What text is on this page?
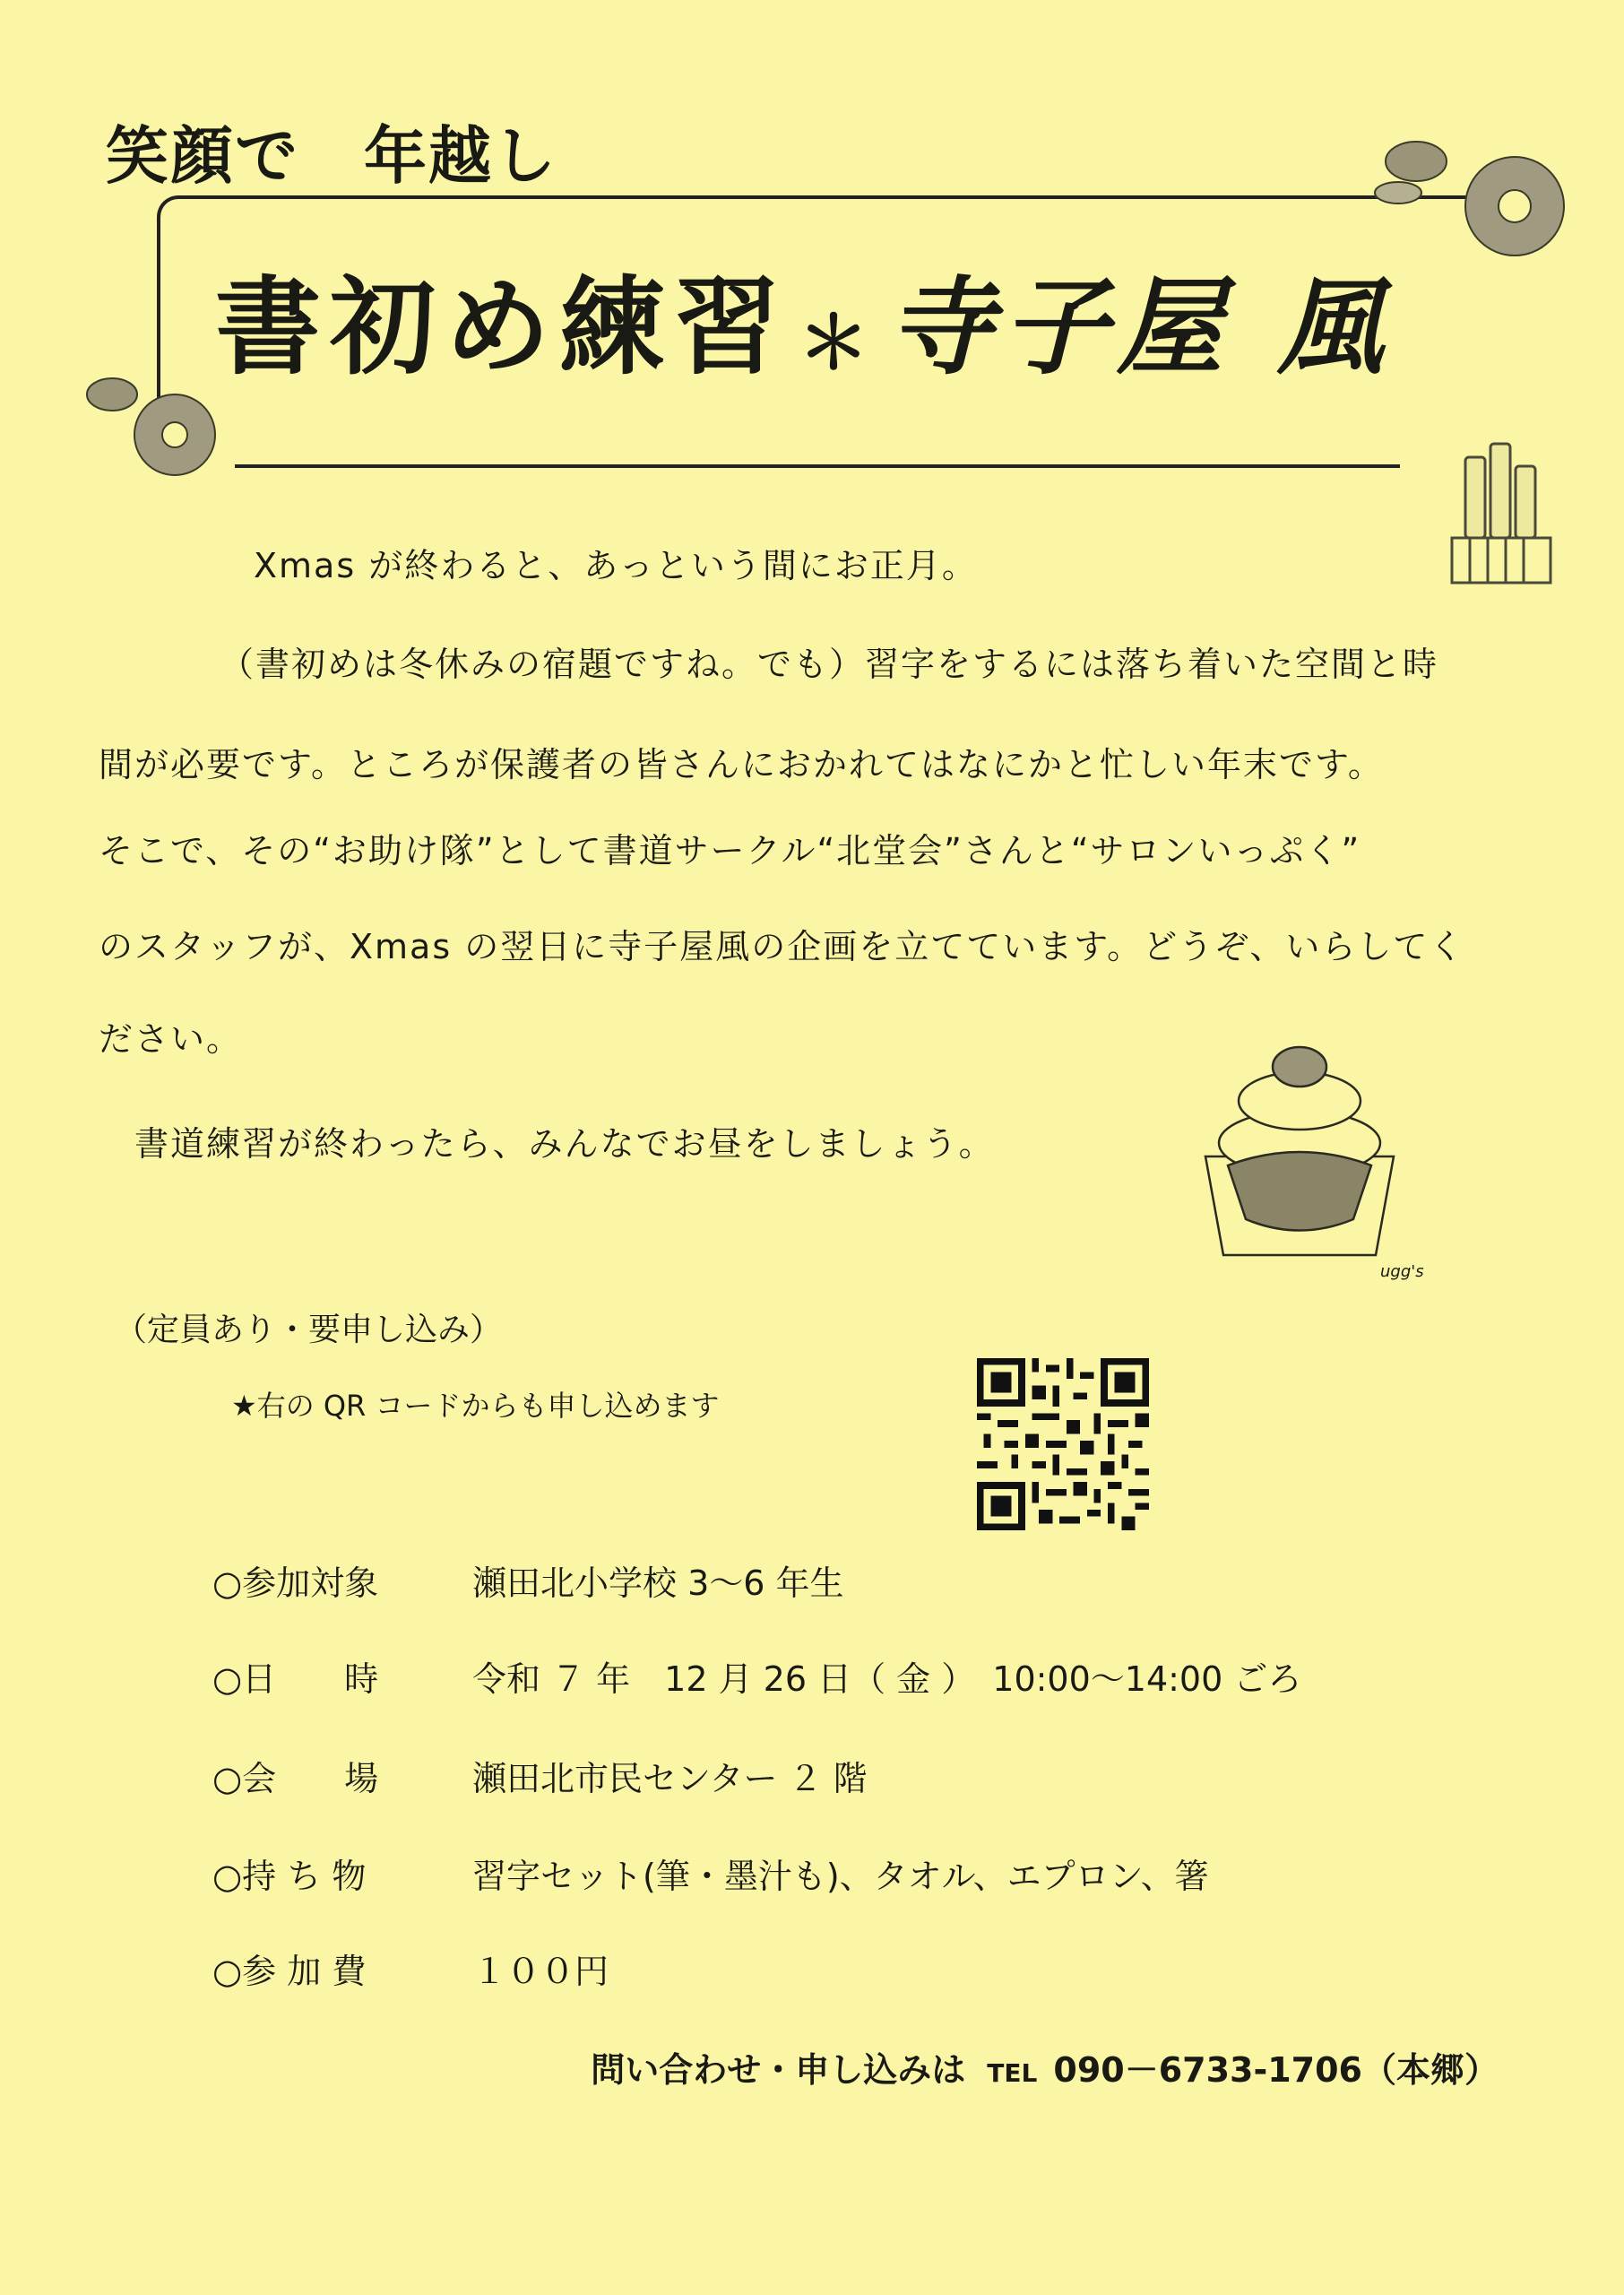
笑顔で　年越し
書初め練習 ＊寺子屋 風
Xmas が終わると、あっという間にお正月。
（書初めは冬休みの宿題ですね。でも）習字をするには落ち着いた空間と時
間が必要です。ところが保護者の皆さんにおかれてはなにかと忙しい年末です。
そこで、その“お助け隊”として書道サークル“北堂会”さんと“サロンいっぷく”
のスタッフが、Xmas の翌日に寺子屋風の企画を立てています。どうぞ、いらしてく
ださい。
書道練習が終わったら、みんなでお昼をしましょう。
ugg's
（定員あり・要申し込み）
★右の QR コードからも申し込めます
○参加対象	瀬田北小学校 3～6 年生
○日　　時	令和 ７ 年　12 月 26 日（ 金 ）　10:00～14:00 ごろ
○会　　場	瀬田北市民センター ２ 階
○持 ち 物	習字セット(筆・墨汁も)、タオル、エプロン、箸
○参 加 費	１００円
問い合わせ・申し込みは TEL 090－6733-1706（本郷）
